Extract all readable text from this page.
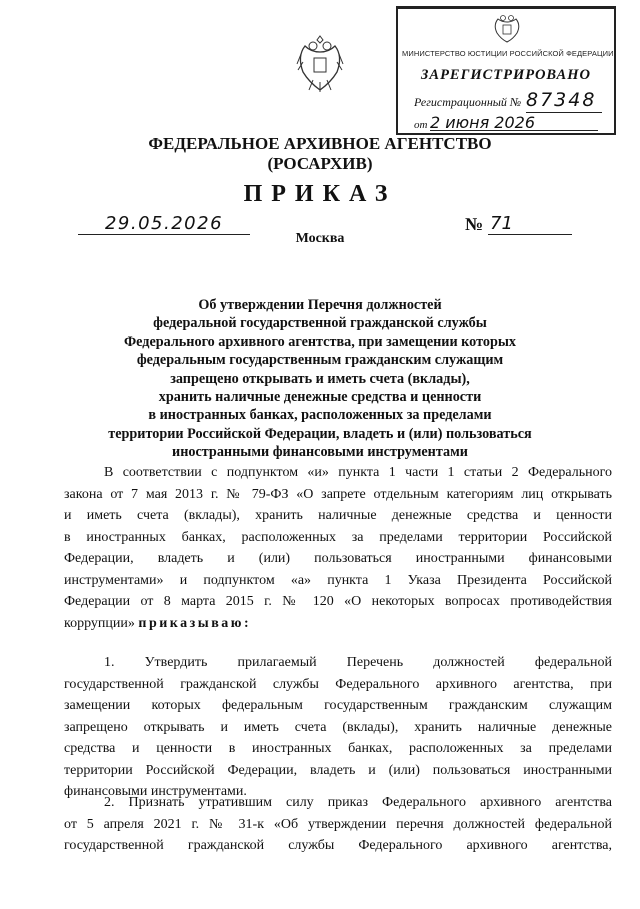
МИНИСТЕРСТВО ЮСТИЦИИ РОССИЙСКОЙ ФЕДЕРАЦИИ
ЗАРЕГИСТРИРОВАНО
Регистрационный № 87348
от 2 июня 2026
ФЕДЕРАЛЬНОЕ АРХИВНОЕ АГЕНТСТВО
(РОСАРХИВ)
ПРИКАЗ
29.05.2026
Москва
№ 71
Об утверждении Перечня должностей
федеральной государственной гражданской службы
Федерального архивного агентства, при замещении которых
федеральным государственным гражданским служащим
запрещено открывать и иметь счета (вклады),
хранить наличные денежные средства и ценности
в иностранных банках, расположенных за пределами
территории Российской Федерации, владеть и (или) пользоваться
иностранными финансовыми инструментами
В соответствии с подпунктом «и» пункта 1 части 1 статьи 2 Федерального
закона от 7 мая 2013 г. № 79-ФЗ «О запрете отдельным категориям лиц открывать
и иметь счета (вклады), хранить наличные денежные средства и ценности
в иностранных банках, расположенных за пределами территории Российской
Федерации, владеть и (или) пользоваться иностранными финансовыми
инструментами» и подпунктом «а» пункта 1 Указа Президента Российской
Федерации от 8 марта 2015 г. № 120 «О некоторых вопросах противодействия
коррупции» приказываю:
1. Утвердить прилагаемый Перечень должностей федеральной
государственной гражданской службы Федерального архивного агентства, при
замещении которых федеральным государственным гражданским служащим
запрещено открывать и иметь счета (вклады), хранить наличные денежные
средства и ценности в иностранных банках, расположенных за пределами
территории Российской Федерации, владеть и (или) пользоваться иностранными
финансовыми инструментами.
2. Признать утратившим силу приказ Федерального архивного агентства
от 5 апреля 2021 г. № 31-к «Об утверждении перечня должностей федеральной
государственной гражданской службы Федерального архивного агентства,
